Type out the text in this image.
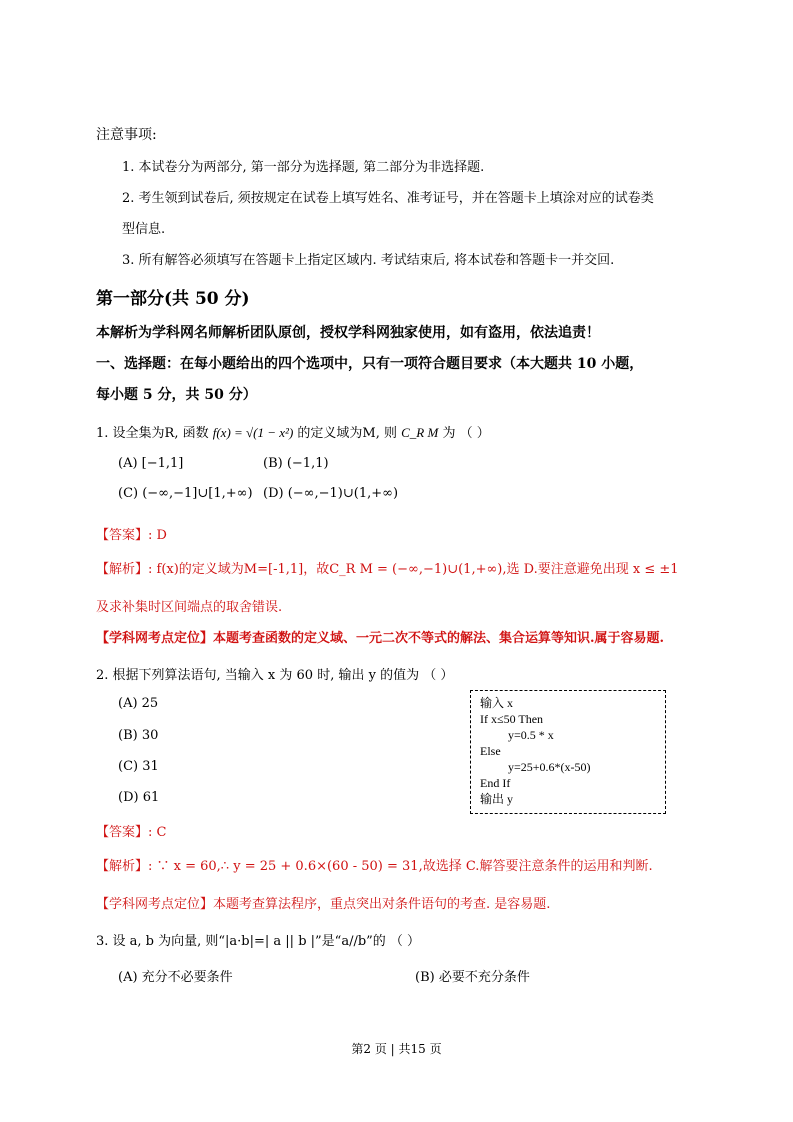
注意事项:
1. 本试卷分为两部分, 第一部分为选择题, 第二部分为非选择题.
2. 考生领到试卷后, 须按规定在试卷上填写姓名、准考证号，并在答题卡上填涂对应的试卷类
型信息.
3. 所有解答必须填写在答题卡上指定区域内. 考试结束后, 将本试卷和答题卡一并交回.
第一部分(共 50 分)
本解析为学科网名师解析团队原创，授权学科网独家使用，如有盗用，依法追责！
一、选择题：在每小题给出的四个选项中，只有一项符合题目要求（本大题共 10 小题，
每小题 5 分，共 50 分）
1. 设全集为R, 函数 f(x) = √(1 − x²) 的定义域为M, 则 C_R M 为 （ ）
(A) [−1,1]	(B) (−1,1)
(C) (−∞,−1]∪[1,+∞) (D) (−∞,−1)∪(1,+∞)
【答案】: D
【解析】: f(x)的定义域为M=[-1,1]，故C_R M = (−∞,−1)∪(1,+∞),选 D.要注意避免出现 x ≤ ±1
及求补集时区间端点的取舍错误.
【学科网考点定位】本题考查函数的定义域、一元二次不等式的解法、集合运算等知识.属于容易题.
2. 根据下列算法语句, 当输入 x 为 60 时, 输出 y 的值为 （ ）
(A) 25
(B) 30
(C) 31
(D) 61
输入 x
If x≤50 Then
y=0.5 * x
Else
y=25+0.6*(x-50)
End If
输出 y
【答案】: C
【解析】: ∵ x = 60,∴ y = 25 + 0.6×(60 - 50) = 31,故选择 C.解答要注意条件的运用和判断.
【学科网考点定位】本题考查算法程序，重点突出对条件语句的考查. 是容易题.
3. 设 a, b 为向量, 则“|a·b|=| a || b |”是“a//b”的 （ ）
(A) 充分不必要条件	(B) 必要不充分条件
第2 页 | 共15 页
